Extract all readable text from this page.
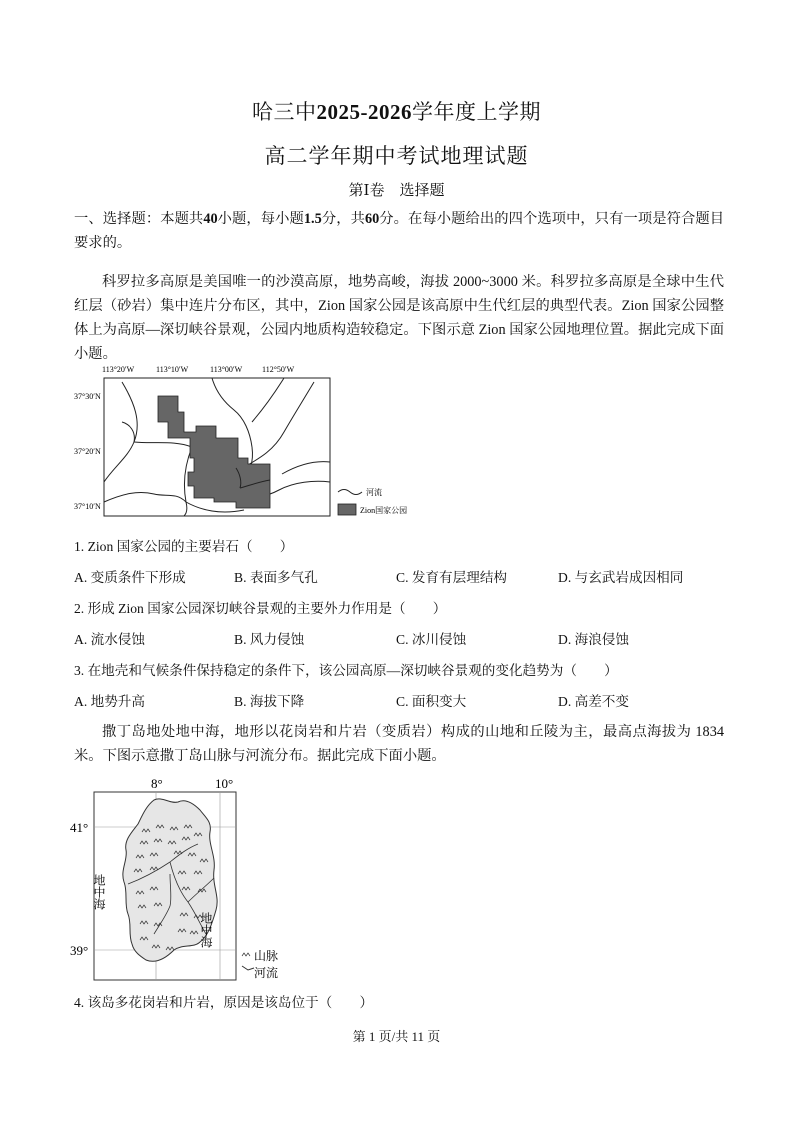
哈三中2025-2026学年度上学期
高二学年期中考试地理试题
第Ⅰ卷　选择题
一、选择题：本题共40小题，每小题1.5分，共60分。在每小题给出的四个选项中，只有一项是符合题目要求的。
科罗拉多高原是美国唯一的沙漠高原，地势高峻，海拔 2000~3000 米。科罗拉多高原是全球中生代红层（砂岩）集中连片分布区，其中，Zion 国家公园是该高原中生代红层的典型代表。Zion 国家公园整体上为高原—深切峡谷景观，公园内地质构造较稳定。下图示意 Zion 国家公园地理位置。据此完成下面小题。
113°20′W	113°10′W	113°00′W 112°50′W
37°30′N
37°20′N
37°10′N
河流
Zion国家公园
1. Zion 国家公园的主要岩石（　　）
A. 变质条件下形成	B. 表面多气孔	C. 发育有层理结构	D. 与玄武岩成因相同
2. 形成 Zion 国家公园深切峡谷景观的主要外力作用是（　　）
A. 流水侵蚀	B. 风力侵蚀	C. 冰川侵蚀	D. 海浪侵蚀
3. 在地壳和气候条件保持稳定的条件下，该公园高原—深切峡谷景观的变化趋势为（　　）
A. 地势升高	B. 海拔下降	C. 面积变大	D. 高差不变
撒丁岛地处地中海，地形以花岗岩和片岩（变质岩）构成的山地和丘陵为主，最高点海拔为 1834 米。下图示意撒丁岛山脉与河流分布。据此完成下面小题。
8°	10°
41°
39°
地中海
地中海
山脉
河流
4. 该岛多花岗岩和片岩，原因是该岛位于（　　）
第 1 页/共 11 页
